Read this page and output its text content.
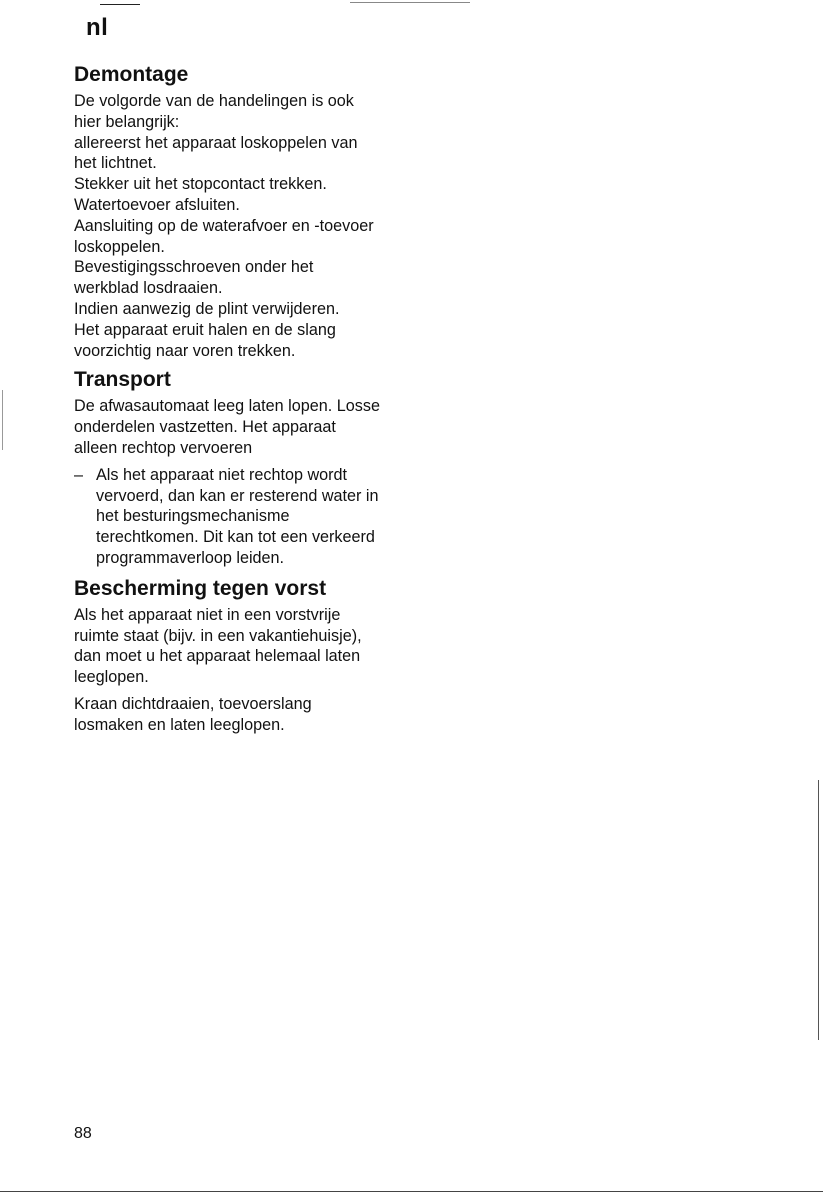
nl
Demontage

De volgorde van de handelingen is ook

hier belangrijk:

allereerst het apparaat loskoppelen van

het lichtnet.

Stekker uit het stopcontact trekken.

Watertoevoer afsluiten.

Aansluiting op de waterafvoer en -toevoer

loskoppelen.

Bevestigingsschroeven onder het

werkblad losdraaien.

Indien aanwezig de plint verwijderen.

Het apparaat eruit halen en de slang

voorzichtig naar voren trekken.

Transport

De afwasautomaat leeg laten lopen. Losse

onderdelen vastzetten. Het apparaat

alleen rechtop vervoeren

– Als het apparaat niet rechtop wordt

vervoerd, dan kan er resterend water in

het besturingsmechanisme

terechtkomen. Dit kan tot een verkeerd

programmaverloop leiden.

Bescherming tegen vorst

Als het apparaat niet in een vorstvrije

ruimte staat (bijv. in een vakantiehuisje),

dan moet u het apparaat helemaal laten

leeglopen.

Kraan dichtdraaien, toevoerslang

losmaken en laten leeglopen.

88
